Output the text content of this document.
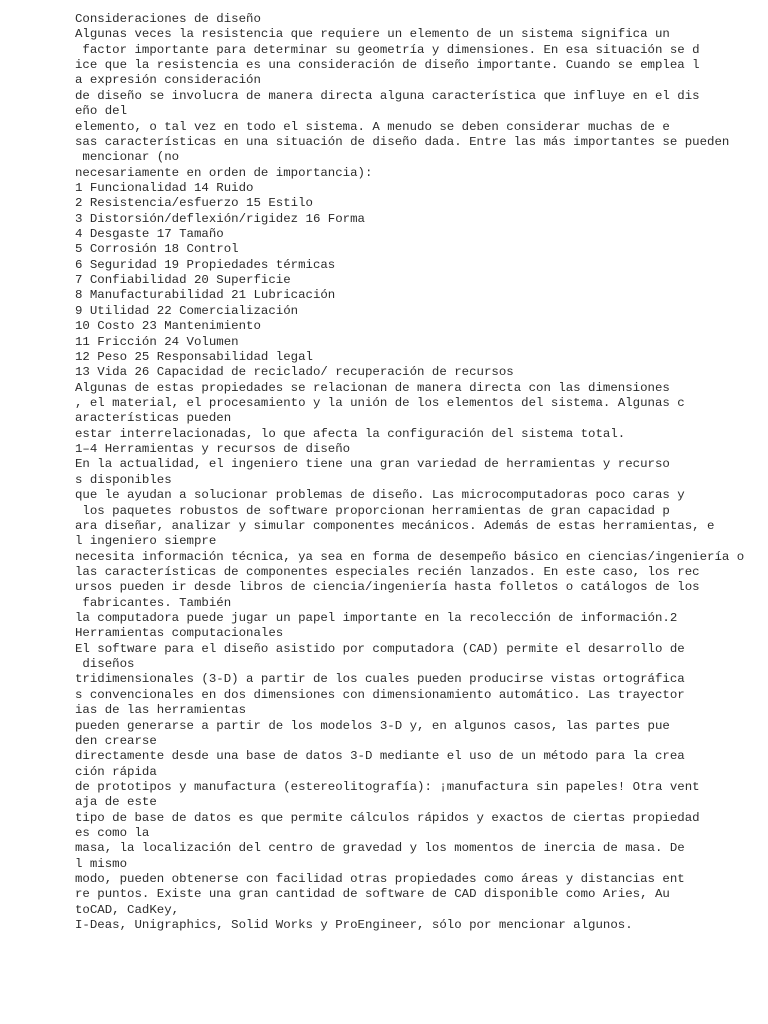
Consideraciones de diseño
Algunas veces la resistencia que requiere un elemento de un sistema significa un
factor importante para determinar su geometría y dimensiones. En esa situación se d
ice que la resistencia es una consideración de diseño importante. Cuando se emplea l
a expresión consideración
de diseño se involucra de manera directa alguna característica que influye en el dis
eño del
elemento, o tal vez en todo el sistema. A menudo se deben considerar muchas de e
sas características en una situación de diseño dada. Entre las más importantes se pueden
mencionar (no
necesariamente en orden de importancia):
1 Funcionalidad 14 Ruido
2 Resistencia/esfuerzo 15 Estilo
3 Distorsión/deflexión/rigidez 16 Forma
4 Desgaste 17 Tamaño
5 Corrosión 18 Control
6 Seguridad 19 Propiedades térmicas
7 Confiabilidad 20 Superficie
8 Manufacturabilidad 21 Lubricación
9 Utilidad 22 Comercialización
10 Costo 23 Mantenimiento
11 Fricción 24 Volumen
12 Peso 25 Responsabilidad legal
13 Vida 26 Capacidad de reciclado/ recuperación de recursos
Algunas de estas propiedades se relacionan de manera directa con las dimensiones
, el material, el procesamiento y la unión de los elementos del sistema. Algunas c
aracterísticas pueden
estar interrelacionadas, lo que afecta la configuración del sistema total.
1–4 Herramientas y recursos de diseño
En la actualidad, el ingeniero tiene una gran variedad de herramientas y recurso
s disponibles
que le ayudan a solucionar problemas de diseño. Las microcomputadoras poco caras y
los paquetes robustos de software proporcionan herramientas de gran capacidad p
ara diseñar, analizar y simular componentes mecánicos. Además de estas herramientas, e
l ingeniero siempre
necesita información técnica, ya sea en forma de desempeño básico en ciencias/ingeniería o
las características de componentes especiales recién lanzados. En este caso, los rec
ursos pueden ir desde libros de ciencia/ingeniería hasta folletos o catálogos de los
fabricantes. También
la computadora puede jugar un papel importante en la recolección de información.2
Herramientas computacionales
El software para el diseño asistido por computadora (CAD) permite el desarrollo de
diseños
tridimensionales (3-D) a partir de los cuales pueden producirse vistas ortográfica
s convencionales en dos dimensiones con dimensionamiento automático. Las trayector
ias de las herramientas
pueden generarse a partir de los modelos 3-D y, en algunos casos, las partes pue
den crearse
directamente desde una base de datos 3-D mediante el uso de un método para la crea
ción rápida
de prototipos y manufactura (estereolitografía): ¡manufactura sin papeles! Otra vent
aja de este
tipo de base de datos es que permite cálculos rápidos y exactos de ciertas propiedad
es como la
masa, la localización del centro de gravedad y los momentos de inercia de masa. De
l mismo
modo, pueden obtenerse con facilidad otras propiedades como áreas y distancias ent
re puntos. Existe una gran cantidad de software de CAD disponible como Aries, Au
toCAD, CadKey,
I-Deas, Unigraphics, Solid Works y ProEngineer, sólo por mencionar algunos.
